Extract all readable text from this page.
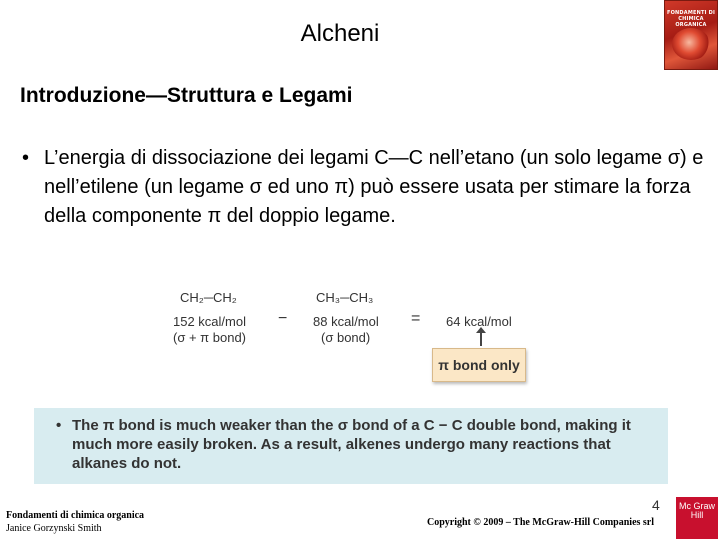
Alcheni
FONDAMENTI DI CHIMICA ORGANICA
Introduzione—Struttura e Legami
• L’energia di dissociazione dei legami C—C nell’etano (un solo legame σ) e nell’etilene (un legame σ ed uno π) può essere usata per stimare la forza della componente π del doppio legame.
CH₂─CH₂
152 kcal/mol
(σ + π bond)
−
CH₃─CH₃
88 kcal/mol
(σ bond)
= 64 kcal/mol
π bond only
• The π bond is much weaker than the σ bond of a C − C double bond, making it much more easily broken. As a result, alkenes undergo many reactions that alkanes do not.
4
Fondamenti di chimica organica
Janice Gorzynski Smith
Copyright © 2009 – The McGraw-Hill Companies srl
Mc Graw Hill
